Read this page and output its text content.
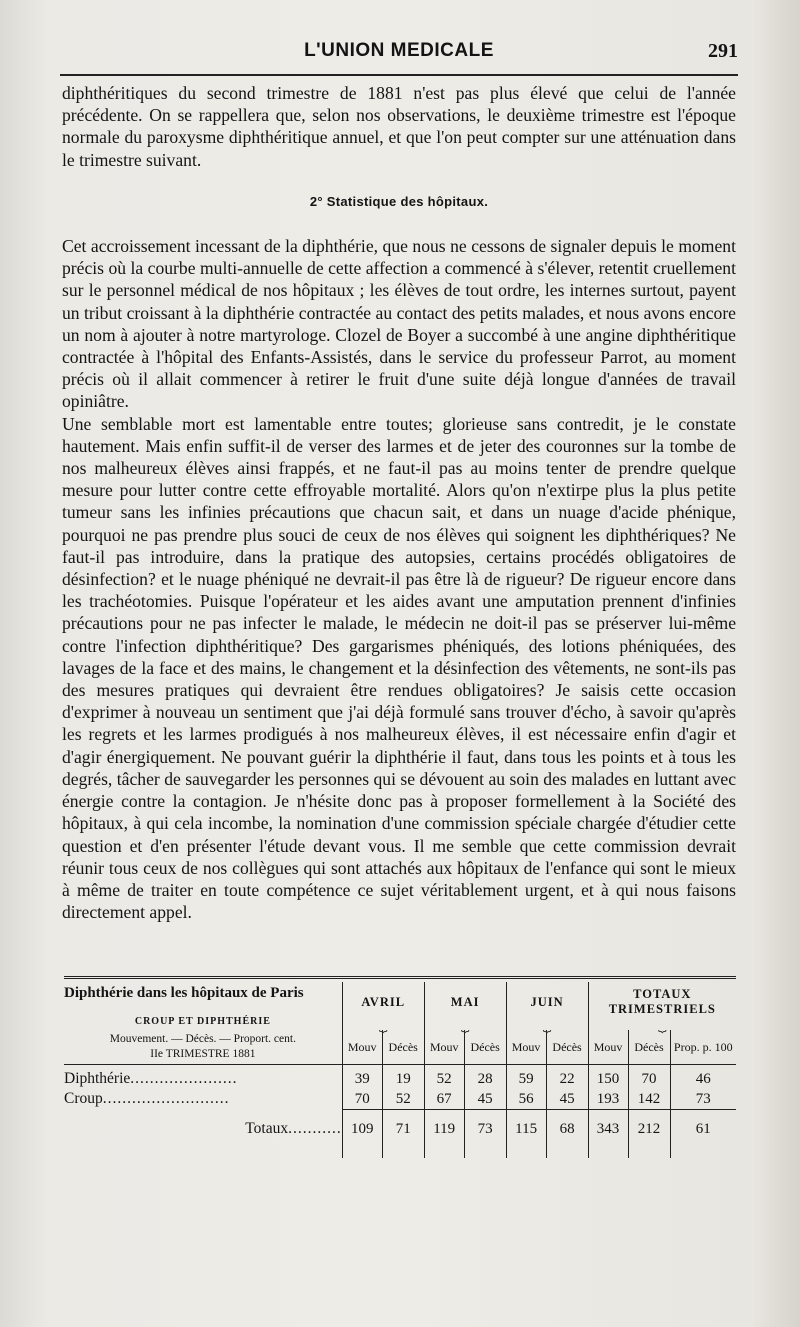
L'UNION MEDICALE	291

diphthéritiques du second trimestre de 1881 n'est pas plus élevé que celui de l'année précédente. On se rappellera que, selon nos observations, le deuxième trimestre est l'époque normale du paroxysme diphthéritique annuel, et que l'on peut compter sur une atténuation dans le trimestre suivant.

2° Statistique des hôpitaux.

Cet accroissement incessant de la diphthérie, que nous ne cessons de signaler depuis le moment précis où la courbe multi-annuelle de cette affection a commencé à s'élever, retentit cruellement sur le personnel médical de nos hôpitaux ; les élèves de tout ordre, les internes surtout, payent un tribut croissant à la diphthérie contractée au contact des petits malades, et nous avons encore un nom à ajouter à notre martyrologe. Clozel de Boyer a succombé à une angine diphthéritique contractée à l'hôpital des Enfants-Assistés, dans le service du professeur Parrot, au moment précis où il allait commencer à retirer le fruit d'une suite déjà longue d'années de travail opiniâtre.

Une semblable mort est lamentable entre toutes; glorieuse sans contredit, je le constate hautement. Mais enfin suffit-il de verser des larmes et de jeter des couronnes sur la tombe de nos malheureux élèves ainsi frappés, et ne faut-il pas au moins tenter de prendre quelque mesure pour lutter contre cette effroyable mortalité. Alors qu'on n'extirpe plus la plus petite tumeur sans les infinies précautions que chacun sait, et dans un nuage d'acide phénique, pourquoi ne pas prendre plus souci de ceux de nos élèves qui soignent les diphthériques? Ne faut-il pas introduire, dans la pratique des autopsies, certains procédés obligatoires de désinfection? et le nuage phéniqué ne devrait-il pas être là de rigueur? De rigueur encore dans les trachéotomies. Puisque l'opérateur et les aides avant une amputation prennent d'infinies précautions pour ne pas infecter le malade, le médecin ne doit-il pas se préserver lui-même contre l'infection diphthéritique? Des gargarismes phéniqués, des lotions phéniquées, des lavages de la face et des mains, le changement et la désinfection des vêtements, ne sont-ils pas des mesures pratiques qui devraient être rendues obligatoires? Je saisis cette occasion d'exprimer à nouveau un sentiment que j'ai déjà formulé sans trouver d'écho, à savoir qu'après les regrets et les larmes prodigués à nos malheureux élèves, il est nécessaire enfin d'agir et d'agir énergiquement. Ne pouvant guérir la diphthérie il faut, dans tous les points et à tous les degrés, tâcher de sauvegarder les personnes qui se dévouent au soin des malades en luttant avec énergie contre la contagion. Je n'hésite donc pas à proposer formellement à la Société des hôpitaux, à qui cela incombe, la nomination d'une commission spéciale chargée d'étudier cette question et d'en présenter l'étude devant vous. Il me semble que cette commission devrait réunir tous ceux de nos collègues qui sont attachés aux hôpitaux de l'enfance qui sont le mieux à même de traiter en toute compétence ce sujet véritablement urgent, et à qui nous faisons directement appel.

Diphthérie dans les hôpitaux de Paris
CROUP ET DIPHTHÉRIE	AVRIL		MAI		JUIN		TOTAUX TRIMESTRIELS		
	⏟		⏟		⏟		⏟		

Mouvement. — Décès. — Proport. cent.
IIe TRIMESTRE 1881	Mouv	Décès	Mouv	Décès	Mouv	Décès	Mouv	Décès	Prop. p. 100

Diphthérie......................	39	19	52	28	59	22	150	70	46
Croup..........................	70	52	67	45	56	45	193	142	73

Totaux...........	109	71	119	73	115	68	343	212	61
